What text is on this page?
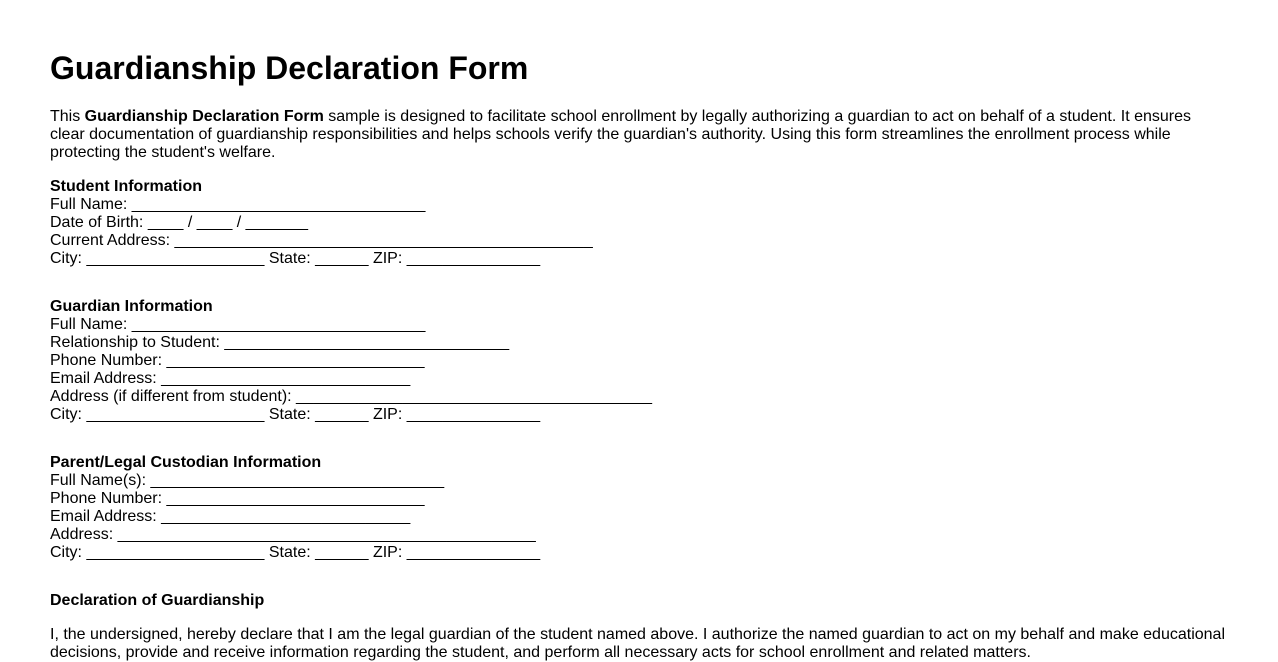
Guardianship Declaration Form

This Guardianship Declaration Form sample is designed to facilitate school enrollment by legally authorizing a guardian to act on behalf of a student. It ensures clear documentation of guardianship responsibilities and helps schools verify the guardian's authority. Using this form streamlines the enrollment process while protecting the student's welfare.

Student Information
Full Name: _________________________________
Date of Birth: ____ / ____ / _______
Current Address: _______________________________________________
City: ____________________ State: ______ ZIP: _______________
Guardian Information
Full Name: _________________________________
Relationship to Student: ________________________________
Phone Number: _____________________________
Email Address: ____________________________
Address (if different from student): ________________________________________
City: ____________________ State: ______ ZIP: _______________
Parent/Legal Custodian Information
Full Name(s): _________________________________
Phone Number: _____________________________
Email Address: ____________________________
Address: _______________________________________________
City: ____________________ State: ______ ZIP: _______________
Declaration of Guardianship

I, the undersigned, hereby declare that I am the legal guardian of the student named above. I authorize the named guardian to act on my behalf and make educational decisions, provide and receive information regarding the student, and perform all necessary acts for school enrollment and related matters.
